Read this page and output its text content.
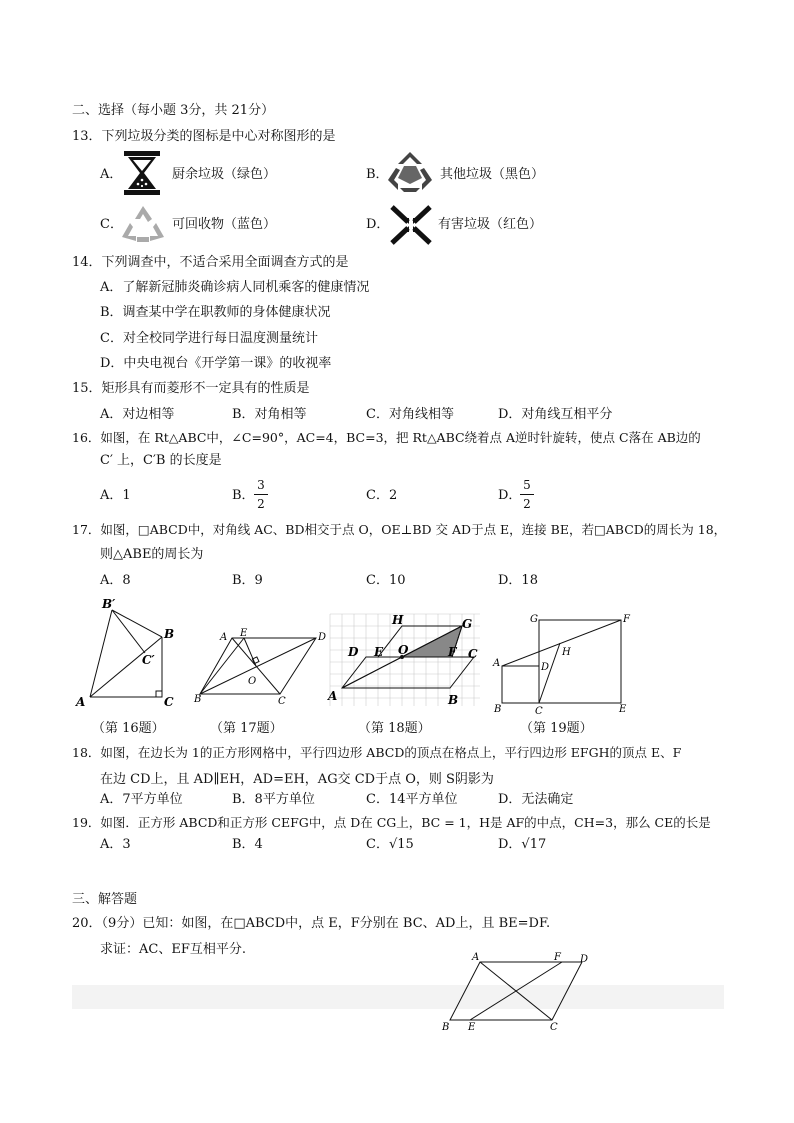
二、选择（每小题 3分，共 21分）
13．下列垃圾分类的图标是中心对称图形的是
A．	厨余垃圾（绿色）	B．	其他垃圾（黑色）
C．	可回收物（蓝色）	D．	有害垃圾（红色）
14．下列调查中，不适合采用全面调查方式的是
A．了解新冠肺炎确诊病人同机乘客的健康情况
B．调查某中学在职教师的身体健康状况
C．对全校同学进行每日温度测量统计
D．中央电视台《开学第一课》的收视率
15．矩形具有而菱形不一定具有的性质是
A．对边相等	B．对角相等	C．对角线相等	D．对角线互相平分
16．如图，在 Rt△ABC中，∠C=90°，AC=4，BC=3，把 Rt△ABC绕着点 A逆时针旋转，使点 C落在 AB边的
C′ 上，C′B 的长度是
A．1	B．
3
2
C．2	D．
5
2
17．如图，□ABCD中，对角线 AC、BD相交于点 O，OE⊥BD 交 AD于点 E，连接 BE，若□ABCD的周长为 18，
则△ABE的周长为
A．8	B．9	C．10	D．18
B′
B
C′
A	C
（第 16题）
A E	D
O
B	C
（第 17题）
H	G
D E O	F C
A	B
（第 18题）
G	F
A	D
H
B	C	E
（第 19题）
18．如图，在边长为 1的正方形网格中，平行四边形 ABCD的顶点在格点上，平行四边形 EFGH的顶点 E、F
在边 CD上，且 AD∥EH，AD=EH，AG交 CD于点 O，则 S阴影为
A．7平方单位	B．8平方单位	C．14平方单位	D．无法确定
19．如图．正方形 ABCD和正方形 CEFG中，点 D在 CG上，BC = 1，H是 AF的中点，CH=3，那么 CE的长是
A．3	B．4	C．√15	D．√17
三、解答题
20．（9分）已知：如图，在□ABCD中，点 E，F分别在 BC、AD上，且 BE=DF.
求证：AC、EF互相平分.
A	F D
B E	C
